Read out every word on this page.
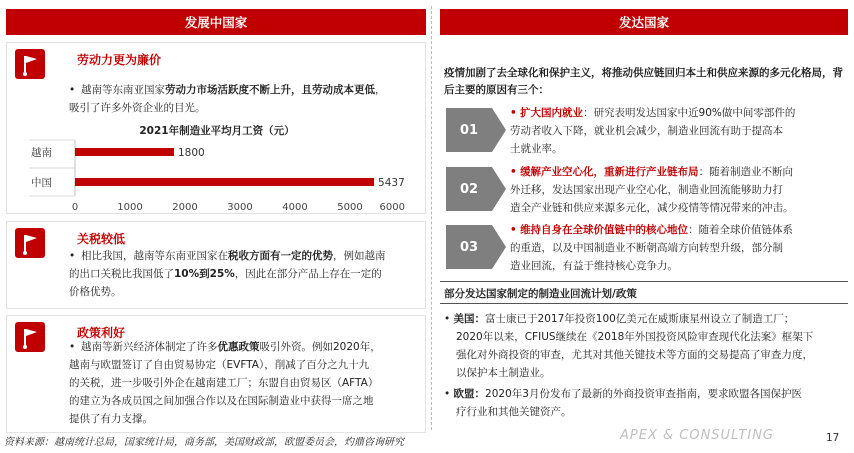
发展中国家	发达国家
劳动力更为廉价
• 越南等东南亚国家劳动力市场活跃度不断上升，且劳动成本更低，
吸引了许多外资企业的目光。
2021年制造业平均月工资（元）
越南	1800
中国	5437
0	1000	2000	3000	4000	5000 6000
关税较低
• 相比我国，越南等东南亚国家在税收方面有一定的优势，例如越南
的出口关税比我国低了10%到25%，因此在部分产品上存在一定的
价格优势。
政策利好
• 越南等新兴经济体制定了许多优惠政策吸引外资。例如2020年，
越南与欧盟签订了自由贸易协定（EVFTA），削减了百分之九十九
的关税，进一步吸引外企在越南建工厂；东盟自由贸易区（AFTA）
的建立为各成员国之间加强合作以及在国际制造业中获得一席之地
提供了有力支撑。
疫情加剧了去全球化和保护主义，将推动供应链回归本土和供应来源的多元化格局，背后主要的原因有三个：
01
• 扩大国内就业：研究表明发达国家中近90%做中间零部件的
劳动者收入下降，就业机会减少，制造业回流有助于提高本
土就业率。
02
• 缓解产业空心化，重新进行产业链布局：随着制造业不断向
外迁移，发达国家出现产业空心化，制造业回流能够助力打
造全产业链和供应来源多元化，减少疫情等情况带来的冲击。
03
• 维持自身在全球价值链中的核心地位：随着全球价值链体系
的重造，以及中国制造业不断朝高端方向转型升级，部分制
造业回流，有益于维持核心竞争力。
部分发达国家制定的制造业回流计划/政策
• 美国：富士康已于2017年投资100亿美元在威斯康星州设立了制造工厂；
2020年以来，CFIUS继续在《2018年外国投资风险审查现代化法案》框架下
强化对外商投资的审查，尤其对其他关键技术等方面的交易提高了审查力度，
以保护本土制造业。
• 欧盟：2020年3月份发布了最新的外商投资审查指南，要求欧盟各国保护医
疗行业和其他关键资产。
资料来源：越南统计总局，国家统计局，商务部，美国财政部，欧盟委员会，灼鼎咨询研究	APEX & CONSULTING	17
